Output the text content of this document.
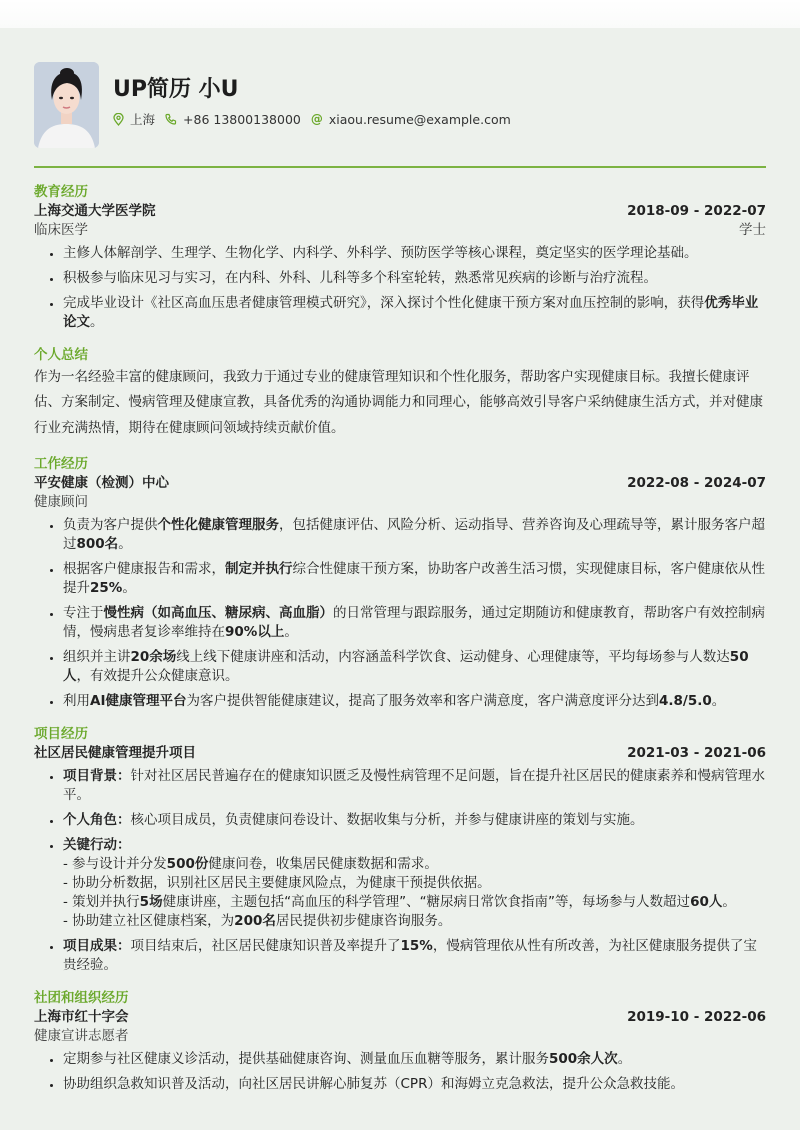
UP简历 小U
上海 +86 13800138000 @ xiaou.resume@example.com
教育经历
上海交通大学医学院	2018-09 - 2022-07
临床医学	学士
• 主修人体解剖学、生理学、生物化学、内科学、外科学、预防医学等核心课程，奠定坚实的医学理论基础。
• 积极参与临床见习与实习，在内科、外科、儿科等多个科室轮转，熟悉常见疾病的诊断与治疗流程。
• 完成毕业设计《社区高血压患者健康管理模式研究》，深入探讨个性化健康干预方案对血压控制的影响，获得优秀毕业论文。
个人总结
作为一名经验丰富的健康顾问，我致力于通过专业的健康管理知识和个性化服务，帮助客户实现健康目标。我擅长健康评估、方案制定、慢病管理及健康宣教，具备优秀的沟通协调能力和同理心，能够高效引导客户采纳健康生活方式，并对健康行业充满热情，期待在健康顾问领域持续贡献价值。
工作经历
平安健康（检测）中心	2022-08 - 2024-07
健康顾问
• 负责为客户提供个性化健康管理服务，包括健康评估、风险分析、运动指导、营养咨询及心理疏导等，累计服务客户超过800名。
• 根据客户健康报告和需求，制定并执行综合性健康干预方案，协助客户改善生活习惯，实现健康目标，客户健康依从性提升25%。
• 专注于慢性病（如高血压、糖尿病、高血脂）的日常管理与跟踪服务，通过定期随访和健康教育，帮助客户有效控制病情，慢病患者复诊率维持在90%以上。
• 组织并主讲20余场线上线下健康讲座和活动，内容涵盖科学饮食、运动健身、心理健康等，平均每场参与人数达50人，有效提升公众健康意识。
• 利用AI健康管理平台为客户提供智能健康建议，提高了服务效率和客户满意度，客户满意度评分达到4.8/5.0。
项目经历
社区居民健康管理提升项目	2021-03 - 2021-06
• 项目背景：针对社区居民普遍存在的健康知识匮乏及慢性病管理不足问题，旨在提升社区居民的健康素养和慢病管理水平。
• 个人角色：核心项目成员，负责健康问卷设计、数据收集与分析，并参与健康讲座的策划与实施。
• 关键行动：
- 参与设计并分发500份健康问卷，收集居民健康数据和需求。
- 协助分析数据，识别社区居民主要健康风险点，为健康干预提供依据。
- 策划并执行5场健康讲座，主题包括“高血压的科学管理”、“糖尿病日常饮食指南”等，每场参与人数超过60人。
- 协助建立社区健康档案，为200名居民提供初步健康咨询服务。
• 项目成果：项目结束后，社区居民健康知识普及率提升了15%，慢病管理依从性有所改善，为社区健康服务提供了宝贵经验。
社团和组织经历
上海市红十字会	2019-10 - 2022-06
健康宣讲志愿者
• 定期参与社区健康义诊活动，提供基础健康咨询、测量血压血糖等服务，累计服务500余人次。
• 协助组织急救知识普及活动，向社区居民讲解心肺复苏（CPR）和海姆立克急救法，提升公众急救技能。
